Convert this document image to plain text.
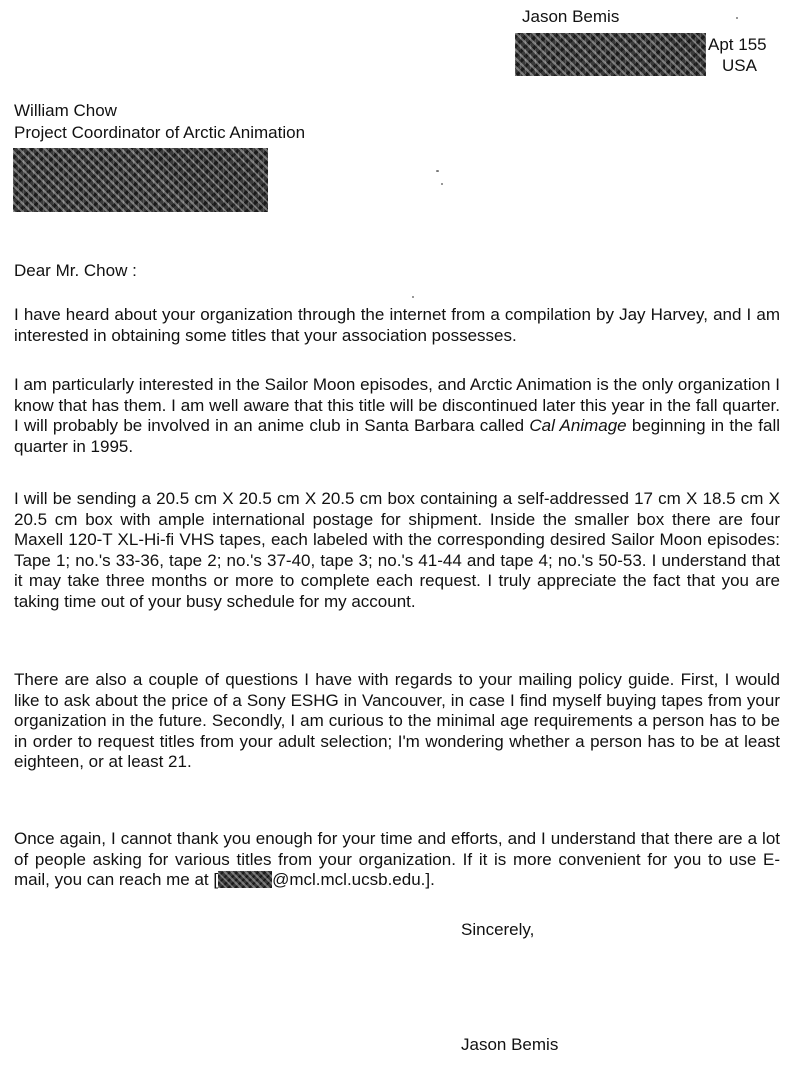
Jason Bemis
Apt 155
USA
William Chow
Project Coordinator of Arctic Animation
Dear Mr. Chow :

I have heard about your organization through the internet from a compilation by Jay Harvey, and I am interested in obtaining some titles that your association possesses.

I am particularly interested in the Sailor Moon episodes, and Arctic Animation is the only organization I know that has them. I am well aware that this title will be discontinued later this year in the fall quarter. I will probably be involved in an anime club in Santa Barbara called Cal Animage beginning in the fall quarter in 1995.

I will be sending a 20.5 cm X 20.5 cm X 20.5 cm box containing a self-addressed 17 cm X 18.5 cm X 20.5 cm box with ample international postage for shipment. Inside the smaller box there are four Maxell 120-T XL-Hi-fi VHS tapes, each labeled with the corresponding desired Sailor Moon episodes: Tape 1; no.'s 33-36, tape 2; no.'s 37-40, tape 3; no.'s 41-44 and tape 4; no.'s 50-53. I understand that it may take three months or more to complete each request. I truly appreciate the fact that you are taking time out of your busy schedule for my account.

There are also a couple of questions I have with regards to your mailing policy guide. First, I would like to ask about the price of a Sony ESHG in Vancouver, in case I find myself buying tapes from your organization in the future. Secondly, I am curious to the minimal age requirements a person has to be in order to request titles from your adult selection; I'm wondering whether a person has to be at least eighteen, or at least 21.

Once again, I cannot thank you enough for your time and efforts, and I understand that there are a lot of people asking for various titles from your organization. If it is more convenient for you to use E-mail, you can reach me at [	@mcl.mcl.ucsb.edu.].

Sincerely,
Jason Bemis
